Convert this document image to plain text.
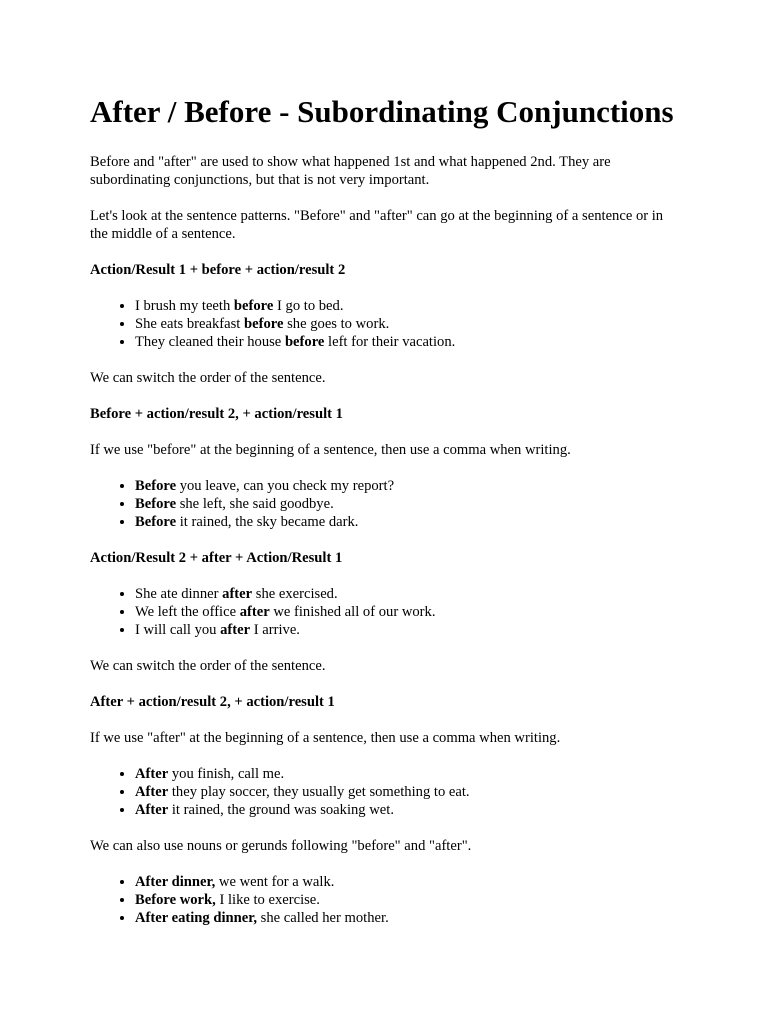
After / Before - Subordinating Conjunctions

Before and "after" are used to show what happened 1st and what happened 2nd. They are subordinating conjunctions, but that is not very important.

Let's look at the sentence patterns. "Before" and "after" can go at the beginning of a sentence or in the middle of a sentence.

Action/Result 1 + before + action/result 2

• I brush my teeth before I go to bed.
• She eats breakfast before she goes to work.
• They cleaned their house before left for their vacation.

We can switch the order of the sentence.

Before + action/result 2, + action/result 1

If we use "before" at the beginning of a sentence, then use a comma when writing.

• Before you leave, can you check my report?
• Before she left, she said goodbye.
• Before it rained, the sky became dark.

Action/Result 2 + after + Action/Result 1

• She ate dinner after she exercised.
• We left the office after we finished all of our work.
• I will call you after I arrive.

We can switch the order of the sentence.

After + action/result 2, + action/result 1

If we use "after" at the beginning of a sentence, then use a comma when writing.

• After you finish, call me.
• After they play soccer, they usually get something to eat.
• After it rained, the ground was soaking wet.

We can also use nouns or gerunds following "before" and "after".

• After dinner, we went for a walk.
• Before work, I like to exercise.
• After eating dinner, she called her mother.
